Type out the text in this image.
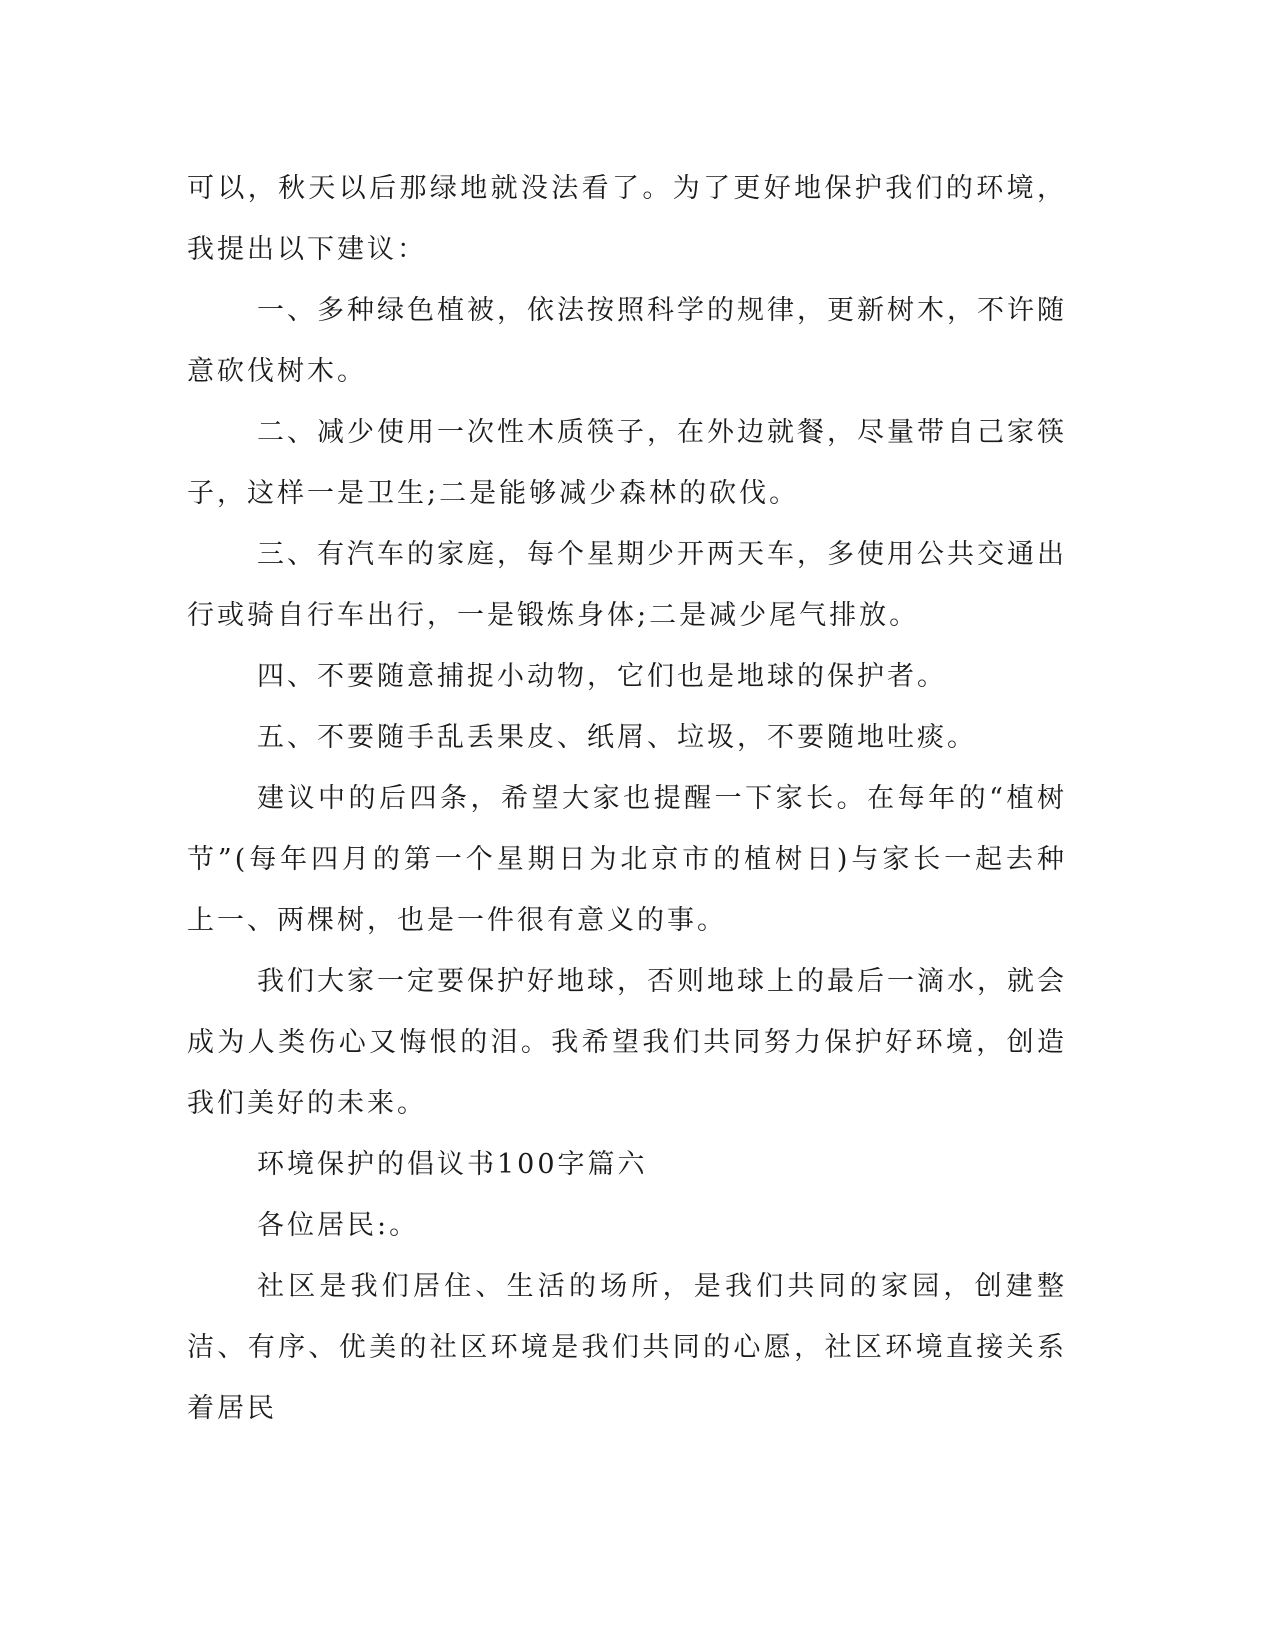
可以，秋天以后那绿地就没法看了。为了更好地保护我们的环境，我提出以下建议：

一、多种绿色植被，依法按照科学的规律，更新树木，不许随意砍伐树木。

二、减少使用一次性木质筷子，在外边就餐，尽量带自己家筷子，这样一是卫生;二是能够减少森林的砍伐。

三、有汽车的家庭，每个星期少开两天车，多使用公共交通出行或骑自行车出行，一是锻炼身体;二是减少尾气排放。

四、不要随意捕捉小动物，它们也是地球的保护者。

五、不要随手乱丢果皮、纸屑、垃圾，不要随地吐痰。

建议中的后四条，希望大家也提醒一下家长。在每年的“植树节”(每年四月的第一个星期日为北京市的植树日)与家长一起去种上一、两棵树，也是一件很有意义的事。

我们大家一定要保护好地球，否则地球上的最后一滴水，就会成为人类伤心又悔恨的泪。我希望我们共同努力保护好环境，创造我们美好的未来。

环境保护的倡议书100字篇六

各位居民:。

社区是我们居住、生活的场所，是我们共同的家园，创建整洁、有序、优美的社区环境是我们共同的心愿，社区环境直接关系着居民
